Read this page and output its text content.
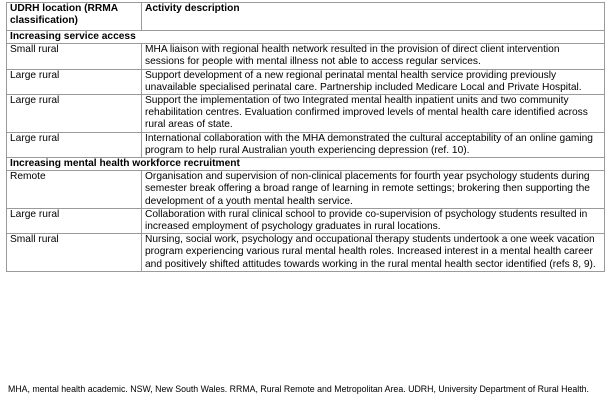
UDRH location (RRMA classification)	Activity description
Increasing service access	
Small rural	MHA liaison with regional health network resulted in the provision of direct client intervention sessions for people with mental illness not able to access regular services.
Large rural	Support development of a new regional perinatal mental health service providing previously unavailable specialised perinatal care. Partnership included Medicare Local and Private Hospital.
Large rural	Support the implementation of two Integrated mental health inpatient units and two community rehabilitation centres. Evaluation confirmed improved levels of mental health care identified across rural areas of state.
Large rural	International collaboration with the MHA demonstrated the cultural acceptability of an online gaming program to help rural Australian youth experiencing depression (ref. 10).
Increasing mental health workforce recruitment	
Remote	Organisation and supervision of non-clinical placements for fourth year psychology students during semester break offering a broad range of learning in remote settings; brokering then supporting the development of a youth mental health service.
Large rural	Collaboration with rural clinical school to provide co-supervision of psychology students resulted in increased employment of psychology graduates in rural locations.
Small rural	Nursing, social work, psychology and occupational therapy students undertook a one week vacation program experiencing various rural mental health roles. Increased interest in a mental health career and positively shifted attitudes towards working in the rural mental health sector identified (refs 8, 9).
MHA, mental health academic. NSW, New South Wales. RRMA, Rural Remote and Metropolitan Area. UDRH, University Department of Rural Health.
